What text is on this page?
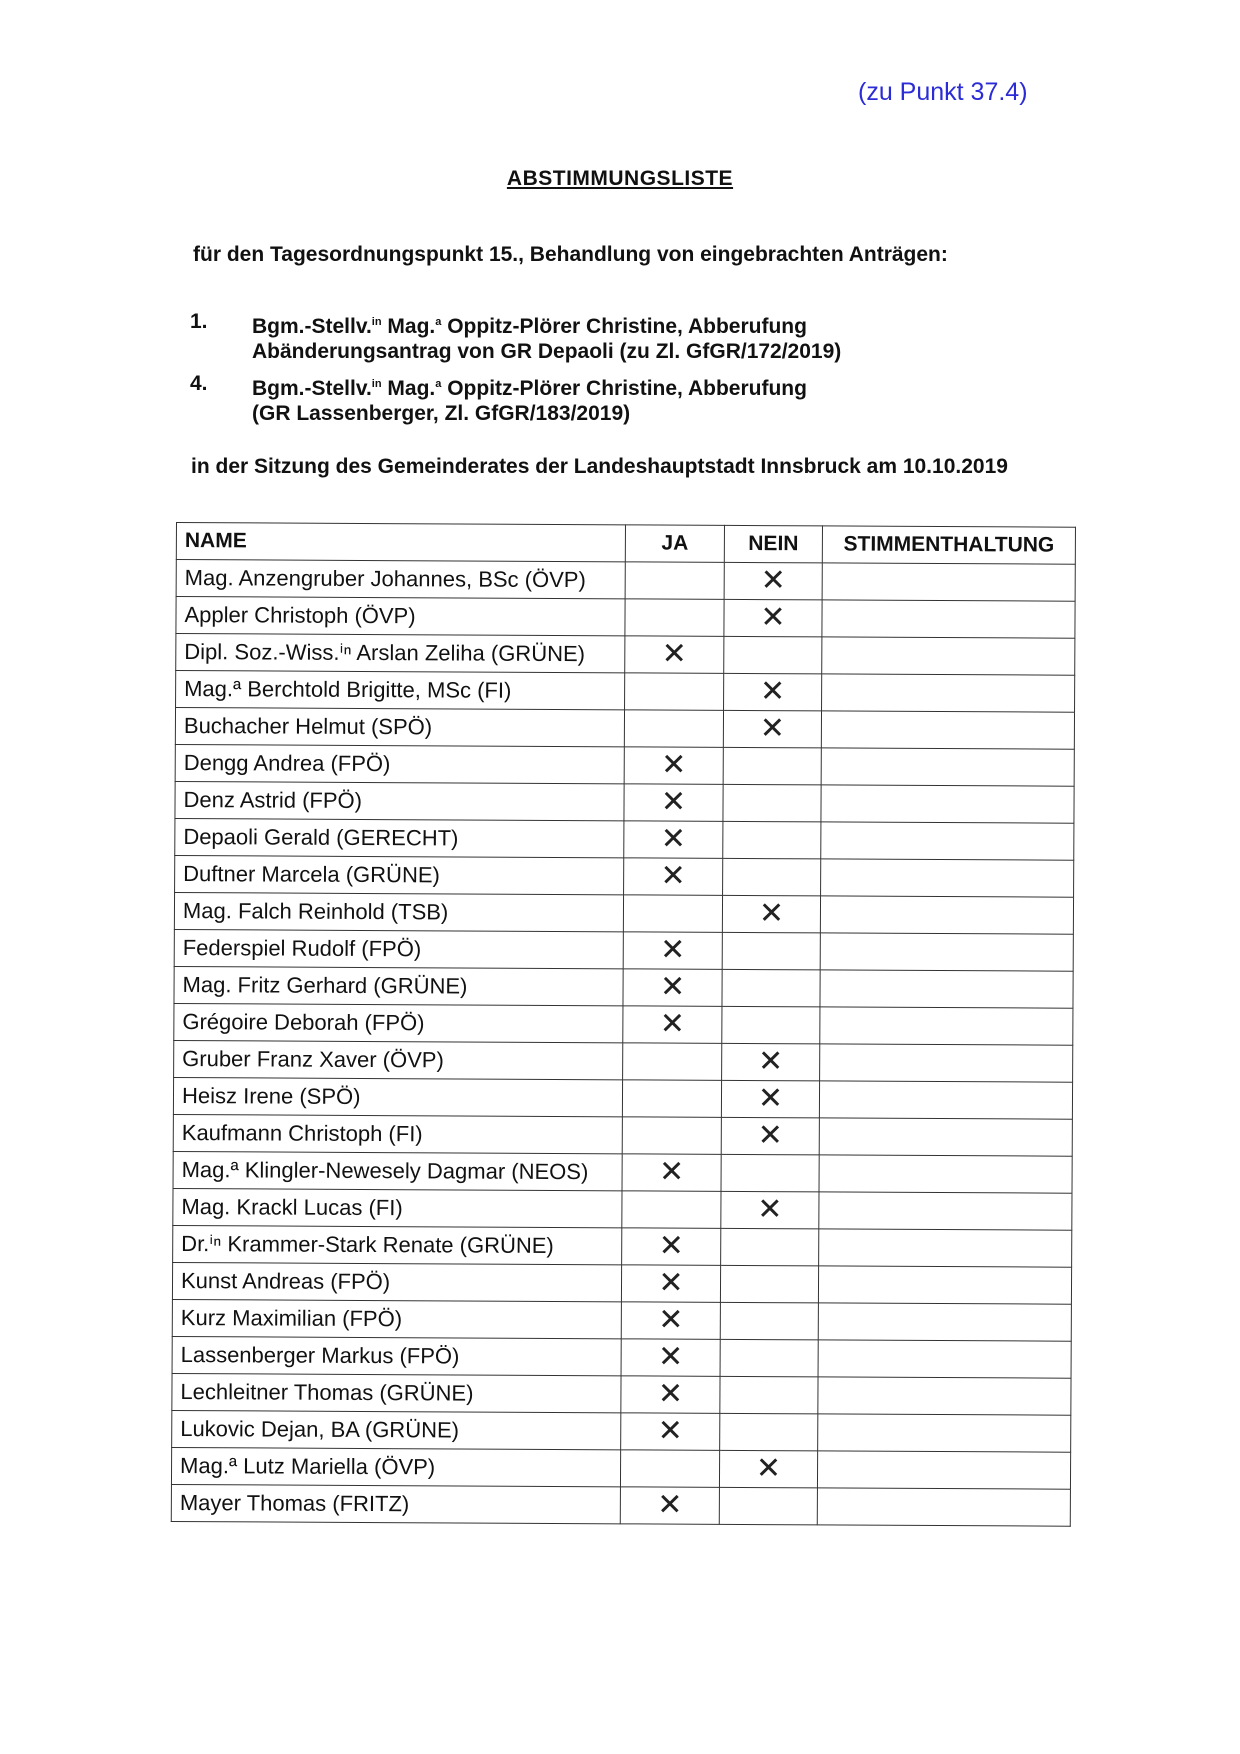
(zu Punkt 37.4)
ABSTIMMUNGSLISTE
für den Tagesordnungspunkt 15., Behandlung von eingebrachten Anträgen:
1.	Bgm.-Stellv.$^{in}$ Mag.$^a$ Oppitz-Plörer Christine, Abberufung
Abänderungsantrag von GR Depaoli (zu Zl. GfGR/172/2019)
4.	Bgm.-Stellv.$^{in}$ Mag.$^a$ Oppitz-Plörer Christine, Abberufung
(GR Lassenberger, Zl. GfGR/183/2019)
in der Sitzung des Gemeinderates der Landeshauptstadt Innsbruck am 10.10.2019
NAME	JA	NEIN	STIMMENTHALTUNG
Mag. Anzengruber Johannes, BSc (ÖVP)		✕	
Appler Christoph (ÖVP)		✕	
Dipl. Soz.-Wiss.ⁱⁿ Arslan Zeliha (GRÜNE)	✕		
Mag.ª Berchtold Brigitte, MSc (FI)		✕	
Buchacher Helmut (SPÖ)		✕	
Dengg Andrea (FPÖ)	✕		
Denz Astrid (FPÖ)	✕		
Depaoli Gerald (GERECHT)	✕		
Duftner Marcela (GRÜNE)	✕		
Mag. Falch Reinhold (TSB)		✕	
Federspiel Rudolf (FPÖ)	✕		
Mag. Fritz Gerhard (GRÜNE)	✕		
Grégoire Deborah (FPÖ)	✕		
Gruber Franz Xaver (ÖVP)		✕	
Heisz Irene (SPÖ)		✕	
Kaufmann Christoph (FI)		✕	
Mag.ª Klingler-Newesely Dagmar (NEOS)	✕		
Mag. Krackl Lucas (FI)		✕	
Dr.ⁱⁿ Krammer-Stark Renate (GRÜNE)	✕		
Kunst Andreas (FPÖ)	✕		
Kurz Maximilian (FPÖ)	✕		
Lassenberger Markus (FPÖ)	✕		
Lechleitner Thomas (GRÜNE)	✕		
Lukovic Dejan, BA (GRÜNE)	✕		
Mag.ª Lutz Mariella (ÖVP)		✕	
Mayer Thomas (FRITZ)	✕		
